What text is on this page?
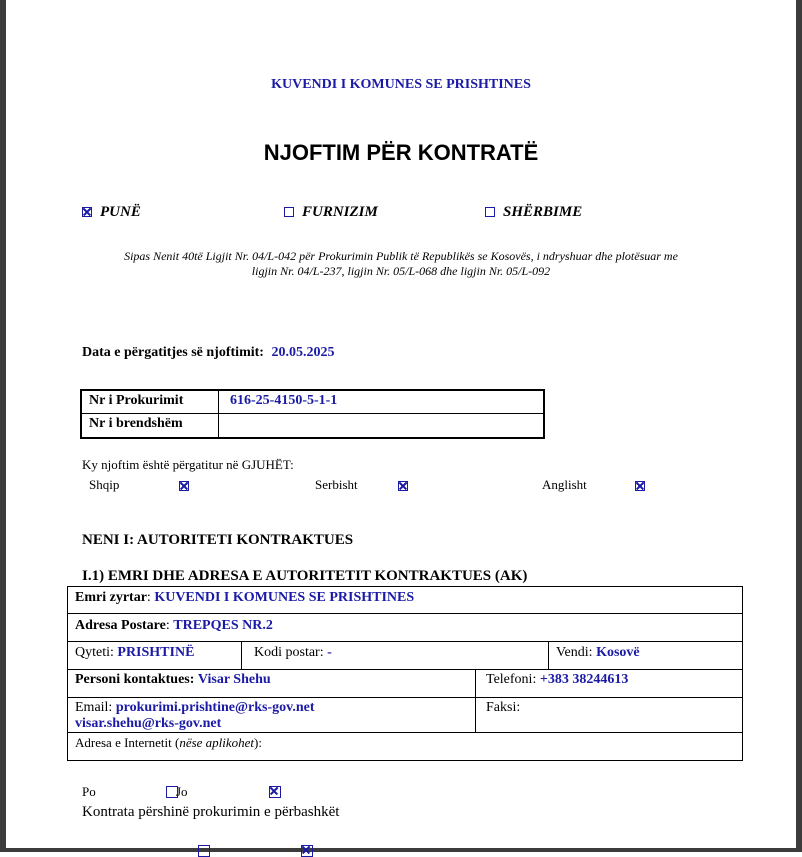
KUVENDI I KOMUNES SE PRISHTINES
NJOFTIM PËR KONTRATË
PUNË	FURNIZIM	SHËRBIME
Sipas Nenit 40të Ligjit Nr. 04/L-042 për Prokurimin Publik të Republikës se Kosovës, i ndryshuar dhe plotësuar me
ligjin Nr. 04/L-237, ligjin Nr. 05/L-068 dhe ligjin Nr. 05/L-092
Data e përgatitjes së njoftimit: 20.05.2025
Nr i Prokurimit	616-25-4150-5-1-1
Nr i brendshëm
Ky njoftim është përgatitur në GJUHËT:
Shqip
	Serbisht
	Anglisht

NENI I: AUTORITETI KONTRAKTUES
I.1) EMRI DHE ADRESA E AUTORITETIT KONTRAKTUES (AK)
Emri zyrtar: KUVENDI I KOMUNES SE PRISHTINES
Adresa Postare: TREPQES NR.2
Qyteti: PRISHTINË	Kodi postar: -	Vendi: Kosovë
Personi kontaktues: Visar Shehu	Telefoni: +383 38244613
Email: prokurimi.prishtine@rks-gov.net
visar.shehu@rks-gov.net
Faksi:
Adresa e Internetit (nëse aplikohet):
Po
	Jo

Kontrata përshinë prokurimin e përbashkët
